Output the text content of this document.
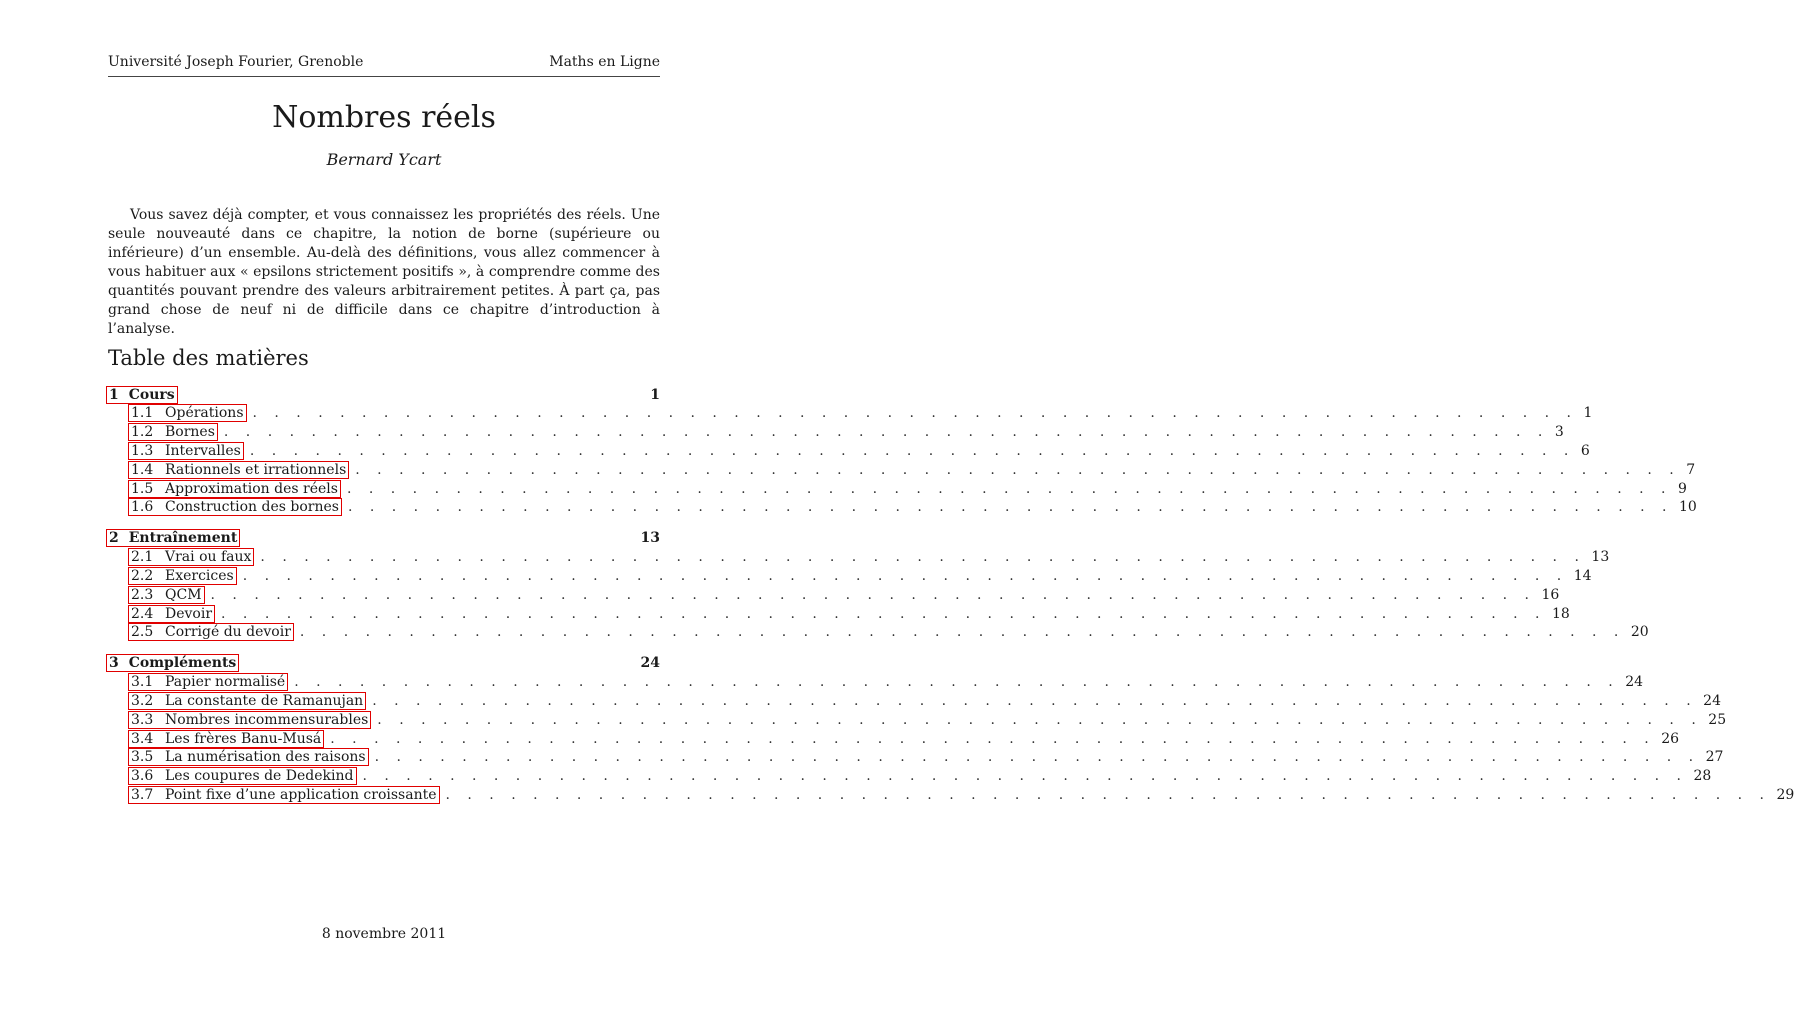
Université Joseph Fourier, Grenoble	Maths en Ligne
Nombres réels
Bernard Ycart

Vous savez déjà compter, et vous connaissez les propriétés des réels. Une seule nouveauté dans ce chapitre, la notion de borne (supérieure ou inférieure) d’un ensemble. Au-delà des définitions, vous allez commencer à vous habituer aux « epsilons strictement positifs », à comprendre comme des quantités pouvant prendre des valeurs arbitrairement petites. À part ça, pas grand chose de neuf ni de difficile dans ce chapitre d’introduction à l’analyse.

Table des matières
1 Cours	1
1.1 Opérations . . . . . . . . . . . . . . . . . . . . . . . . . . . . . . . . . . . . . . . . . . . . . . . . . . . . . . . . . . . . . 1
1.2 Bornes . . . . . . . . . . . . . . . . . . . . . . . . . . . . . . . . . . . . . . . . . . . . . . . . . . . . . . . . . . . . . 3
1.3 Intervalles . . . . . . . . . . . . . . . . . . . . . . . . . . . . . . . . . . . . . . . . . . . . . . . . . . . . . . . . . . . . . 6
1.4 Rationnels et irrationnels . . . . . . . . . . . . . . . . . . . . . . . . . . . . . . . . . . . . . . . . . . . . . . . . . . . . . . . . . . . . . 7
1.5 Approximation des réels . . . . . . . . . . . . . . . . . . . . . . . . . . . . . . . . . . . . . . . . . . . . . . . . . . . . . . . . . . . . . 9
1.6 Construction des bornes . . . . . . . . . . . . . . . . . . . . . . . . . . . . . . . . . . . . . . . . . . . . . . . . . . . . . . . . . . . . . 10
2 Entraînement	13
2.1 Vrai ou faux . . . . . . . . . . . . . . . . . . . . . . . . . . . . . . . . . . . . . . . . . . . . . . . . . . . . . . . . . . . . . 13
2.2 Exercices . . . . . . . . . . . . . . . . . . . . . . . . . . . . . . . . . . . . . . . . . . . . . . . . . . . . . . . . . . . . . 14
2.3 QCM . . . . . . . . . . . . . . . . . . . . . . . . . . . . . . . . . . . . . . . . . . . . . . . . . . . . . . . . . . . . . 16
2.4 Devoir . . . . . . . . . . . . . . . . . . . . . . . . . . . . . . . . . . . . . . . . . . . . . . . . . . . . . . . . . . . . . 18
2.5 Corrigé du devoir . . . . . . . . . . . . . . . . . . . . . . . . . . . . . . . . . . . . . . . . . . . . . . . . . . . . . . . . . . . . . 20
3 Compléments	24
3.1 Papier normalisé . . . . . . . . . . . . . . . . . . . . . . . . . . . . . . . . . . . . . . . . . . . . . . . . . . . . . . . . . . . . . 24
3.2 La constante de Ramanujan . . . . . . . . . . . . . . . . . . . . . . . . . . . . . . . . . . . . . . . . . . . . . . . . . . . . . . . . . . . . . 24
3.3 Nombres incommensurables . . . . . . . . . . . . . . . . . . . . . . . . . . . . . . . . . . . . . . . . . . . . . . . . . . . . . . . . . . . . . 25
3.4 Les frères Banu-Musá . . . . . . . . . . . . . . . . . . . . . . . . . . . . . . . . . . . . . . . . . . . . . . . . . . . . . . . . . . . . . 26
3.5 La numérisation des raisons . . . . . . . . . . . . . . . . . . . . . . . . . . . . . . . . . . . . . . . . . . . . . . . . . . . . . . . . . . . . . 27
3.6 Les coupures de Dedekind . . . . . . . . . . . . . . . . . . . . . . . . . . . . . . . . . . . . . . . . . . . . . . . . . . . . . . . . . . . . . 28
3.7 Point fixe d’une application croissante . . . . . . . . . . . . . . . . . . . . . . . . . . . . . . . . . . . . . . . . . . . . . . . . . . . . . . . . . . . . . 29
8 novembre 2011
